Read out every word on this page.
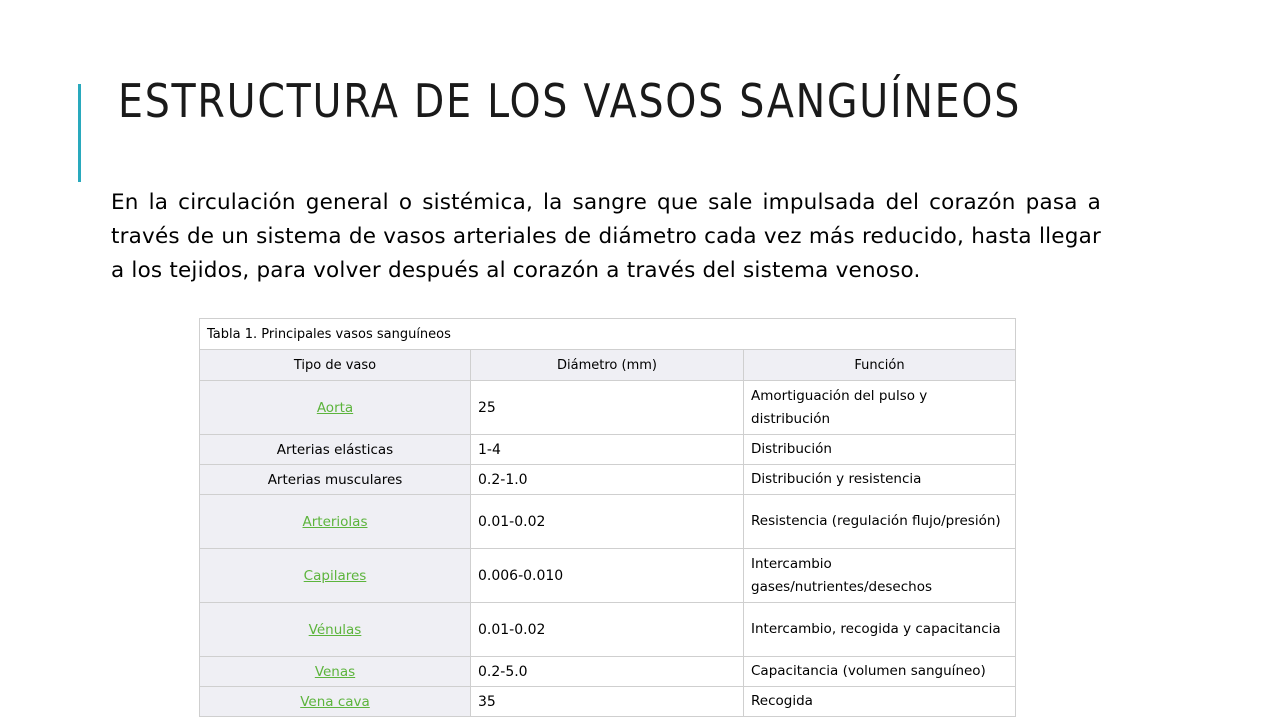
ESTRUCTURA DE LOS VASOS SANGUÍNEOS

En la circulación general o sistémica, la sangre que sale impulsada del corazón pasa a través de un sistema de vasos arteriales de diámetro cada vez más reducido, hasta llegar a los tejidos, para volver después al corazón a través del sistema venoso.

Tabla 1. Principales vasos sanguíneos		
Tipo de vaso	Diámetro (mm)	Función
Aorta	25	Amortiguación del pulso y distribución
Arterias elásticas	1-4	Distribución
Arterias musculares	0.2-1.0	Distribución y resistencia
Arteriolas	0.01-0.02	Resistencia (regulación flujo/presión)
Capilares	0.006-0.010	Intercambio gases/nutrientes/desechos
Vénulas	0.01-0.02	Intercambio, recogida y capacitancia
Venas	0.2-5.0	Capacitancia (volumen sanguíneo)
Vena cava	35	Recogida
